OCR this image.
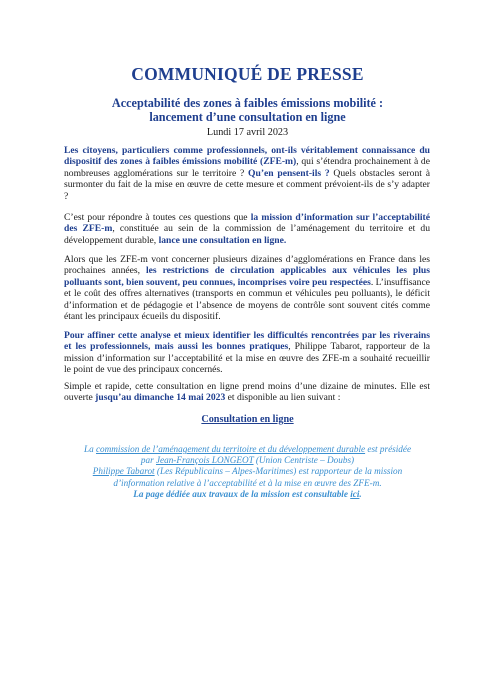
COMMUNIQUÉ DE PRESSE
Acceptabilité des zones à faibles émissions mobilité :
lancement d’une consultation en ligne
Lundi 17 avril 2023
Les citoyens, particuliers comme professionnels, ont-ils véritablement connaissance du dispositif des zones à faibles émissions mobilité (ZFE-m), qui s’étendra prochainement à de nombreuses agglomérations sur le territoire ? Qu’en pensent-ils ? Quels obstacles seront à surmonter du fait de la mise en œuvre de cette mesure et comment prévoient-ils de s’y adapter ?
C’est pour répondre à toutes ces questions que la mission d’information sur l’acceptabilité des ZFE-m, constituée au sein de la commission de l’aménagement du territoire et du développement durable, lance une consultation en ligne.
Alors que les ZFE-m vont concerner plusieurs dizaines d’agglomérations en France dans les prochaines années, les restrictions de circulation applicables aux véhicules les plus polluants sont, bien souvent, peu connues, incomprises voire peu respectées. L’insuffisance et le coût des offres alternatives (transports en commun et véhicules peu polluants), le déficit d’information et de pédagogie et l’absence de moyens de contrôle sont souvent cités comme étant les principaux écueils du dispositif.
Pour affiner cette analyse et mieux identifier les difficultés rencontrées par les riverains et les professionnels, mais aussi les bonnes pratiques, Philippe Tabarot, rapporteur de la mission d’information sur l’acceptabilité et la mise en œuvre des ZFE-m a souhaité recueillir le point de vue des principaux concernés.
Simple et rapide, cette consultation en ligne prend moins d’une dizaine de minutes. Elle est ouverte jusqu’au dimanche 14 mai 2023 et disponible au lien suivant :
Consultation en ligne
La commission de l’aménagement du territoire et du développement durable est présidée
par Jean-François LONGEOT (Union Centriste – Doubs)
Philippe Tabarot (Les Républicains – Alpes-Maritimes) est rapporteur de la mission
d’information relative à l’acceptabilité et à la mise en œuvre des ZFE-m.
La page dédiée aux travaux de la mission est consultable ici.
